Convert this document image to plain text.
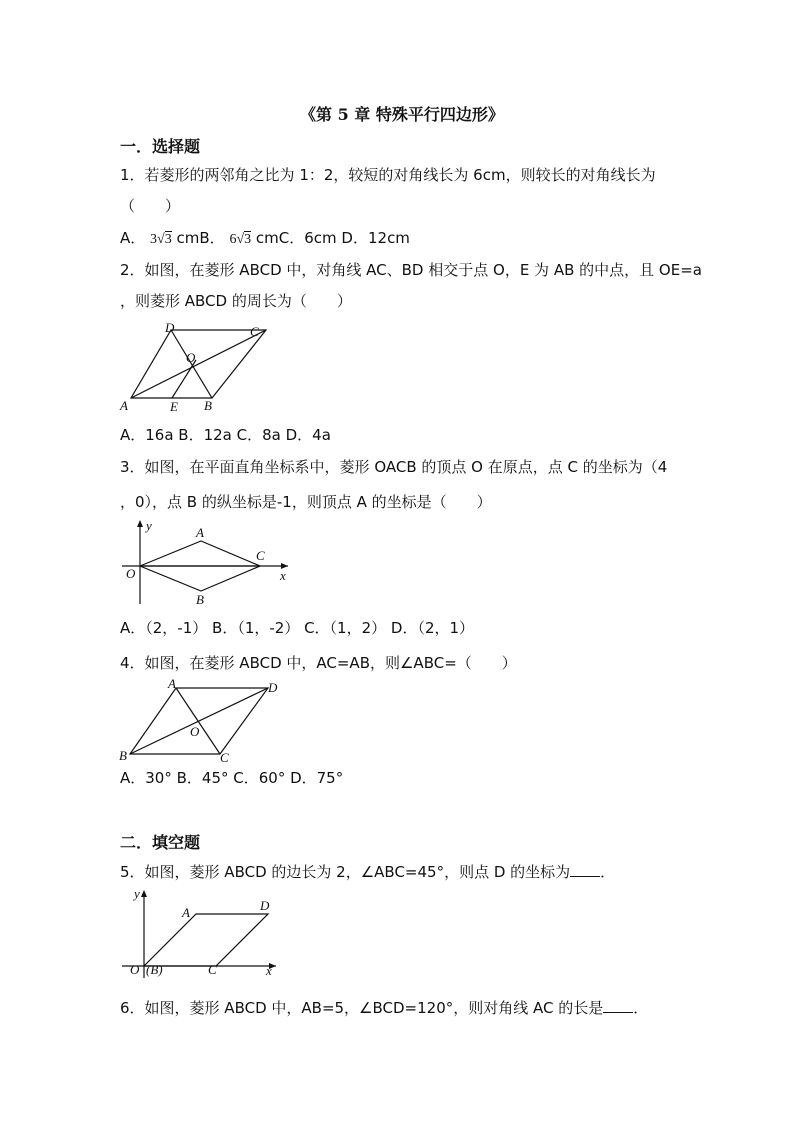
《第 5 章 特殊平行四边形》
一．选择题
1．若菱形的两邻角之比为 1：2，较短的对角线长为 6cm，则较长的对角线长为
（　　）
A． 3√3 cmB． 6√3 cmC．6cm D．12cm
2．如图，在菱形 ABCD 中，对角线 AC、BD 相交于点 O，E 为 AB 的中点，且 OE=a
，则菱形 ABCD 的周长为（　　）
A	B
C
D
O
E
A．16a B．12a C．8a D．4a
3．如图，在平面直角坐标系中，菱形 OACB 的顶点 O 在原点，点 C 的坐标为（4
，0），点 B 的纵坐标是-1，则顶点 A 的坐标是（　　）
O
A
B
C
x
y
A．（2，-1） B．（1，-2） C．（1，2） D．（2，1）
4．如图，在菱形 ABCD 中，AC=AB，则∠ABC=（　　）
B	C
A	D
O
A．30° B．45° C．60° D．75°
二．填空题
5．如图，菱形 ABCD 的边长为 2，∠ABC=45°，则点 D 的坐标为 ．
O (B)	C
A	D
x
y
6．如图，菱形 ABCD 中，AB=5，∠BCD=120°，则对角线 AC 的长是 ．
